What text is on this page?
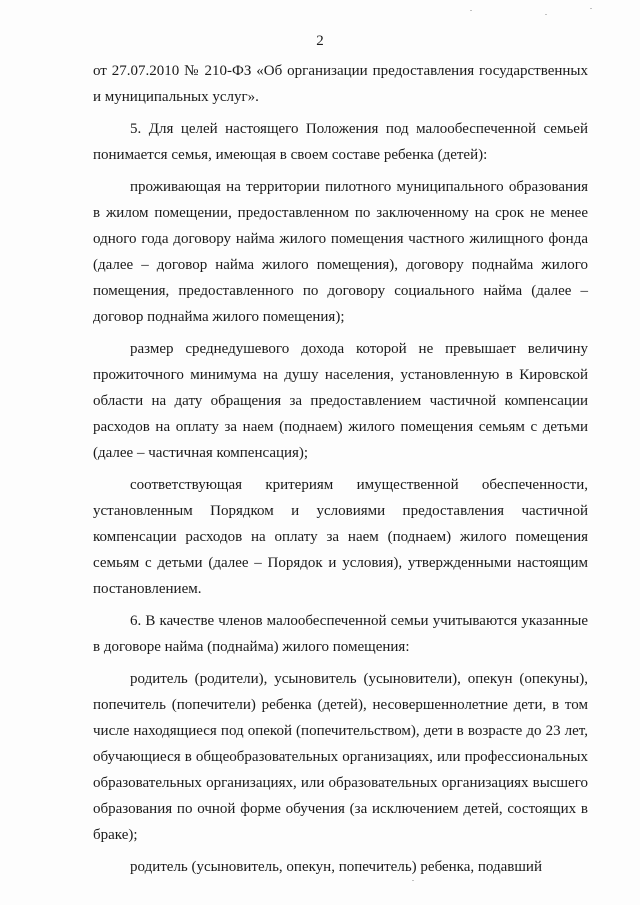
2
от 27.07.2010 № 210-ФЗ «Об организации предоставления государственных
и муниципальных услуг».
5. Для целей настоящего Положения под малообеспеченной семьей
понимается семья, имеющая в своем составе ребенка (детей):
проживающая на территории пилотного муниципального образования
в жилом помещении, предоставленном по заключенному на срок не менее
одного года договору найма жилого помещения частного жилищного фонда
(далее – договор найма жилого помещения), договору поднайма жилого
помещения, предоставленного по договору социального найма (далее –
договор поднайма жилого помещения);
размер среднедушевого дохода которой не превышает величину
прожиточного минимума на душу населения, установленную в Кировской
области на дату обращения за предоставлением частичной компенсации
расходов на оплату за наем (поднаем) жилого помещения семьям с детьми
(далее – частичная компенсация);
соответствующая критериям имущественной обеспеченности,
установленным Порядком и условиями предоставления частичной
компенсации расходов на оплату за наем (поднаем) жилого помещения
семьям с детьми (далее – Порядок и условия), утвержденными настоящим
постановлением.
6. В качестве членов малообеспеченной семьи учитываются указанные
в договоре найма (поднайма) жилого помещения:
родитель (родители), усыновитель (усыновители), опекун (опекуны),
попечитель (попечители) ребенка (детей), несовершеннолетние дети, в том
числе находящиеся под опекой (попечительством), дети в возрасте до 23 лет,
обучающиеся в общеобразовательных организациях, или профессиональных
образовательных организациях, или образовательных организациях высшего
образования по очной форме обучения (за исключением детей, состоящих в
браке);
родитель (усыновитель, опекун, попечитель) ребенка, подавший
